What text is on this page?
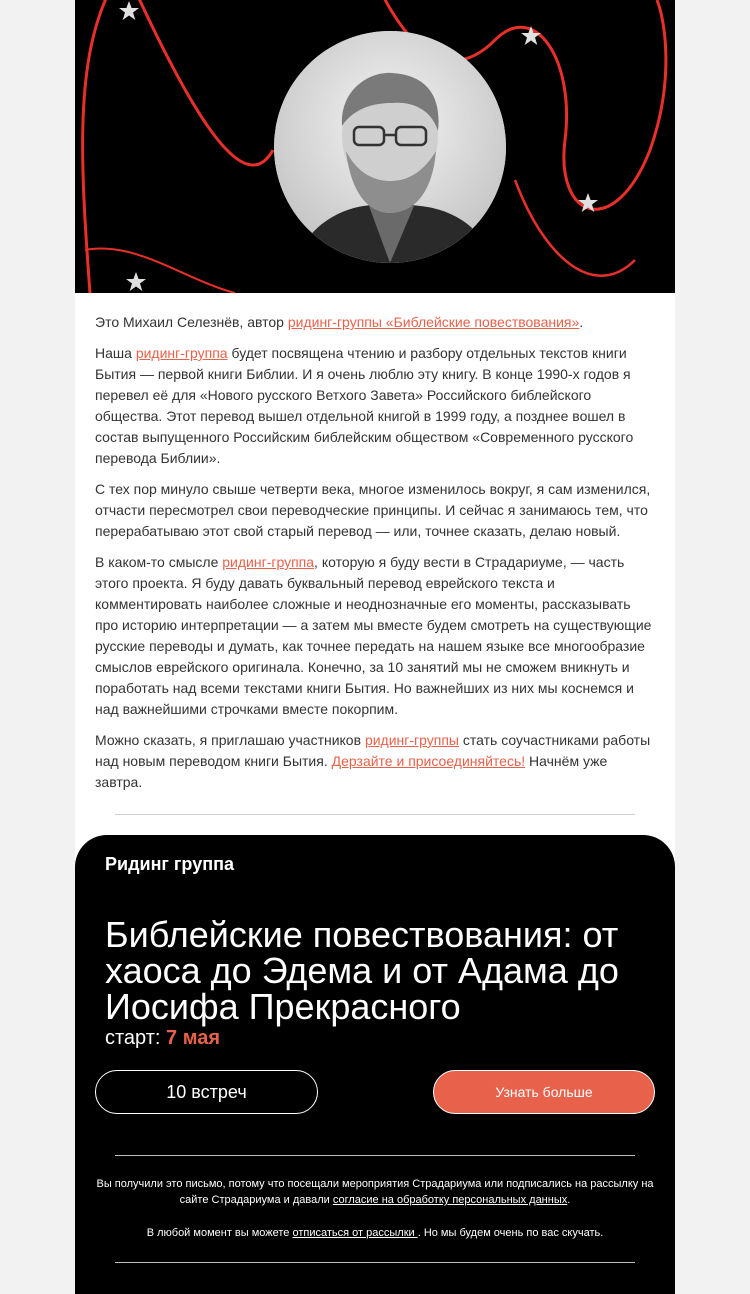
Это Михаил Селезнёв, автор ридинг-группы «Библейские повествования».

Наша ридинг-группа будет посвящена чтению и разбору отдельных текстов книги Бытия — первой книги Библии. И я очень люблю эту книгу. В конце 1990-х годов я перевел её для «Нового русского Ветхого Завета» Российского библейского общества. Этот перевод вышел отдельной книгой в 1999 году, а позднее вошел в состав выпущенного Российским библейским обществом «Современного русского перевода Библии».

С тех пор минуло свыше четверти века, многое изменилось вокруг, я сам изменился, отчасти пересмотрел свои переводческие принципы. И сейчас я занимаюсь тем, что перерабатываю этот свой старый перевод — или, точнее сказать, делаю новый.

В каком-то смысле ридинг-группа, которую я буду вести в Страдариуме, — часть этого проекта. Я буду давать буквальный перевод еврейского текста и комментировать наиболее сложные и неоднозначные его моменты, рассказывать про историю интерпретации — а затем мы вместе будем смотреть на существующие русские переводы и думать, как точнее передать на нашем языке все многообразие смыслов еврейского оригинала. Конечно, за 10 занятий мы не сможем вникнуть и поработать над всеми текстами книги Бытия. Но важнейших из них мы коснемся и над важнейшими строчками вместе покорпим.

Можно сказать, я приглашаю участников ридинг-группы стать соучастниками работы над новым переводом книги Бытия. Дерзайте и присоединяйтесь! Начнём уже завтра.

Ридинг группа
Библейские повествования: от хаоса до Эдема и от Адама до Иосифа Прекрасного
старт: 7 мая
10 встреч	Узнать больше
Вы получили это письмо, потому что посещали мероприятия Страдариума или подписались на рассылку на сайте Страдариума и давали согласие на обработку персональных данных.
В любой момент вы можете отписаться от рассылки . Но мы будем очень по вас скучать.
